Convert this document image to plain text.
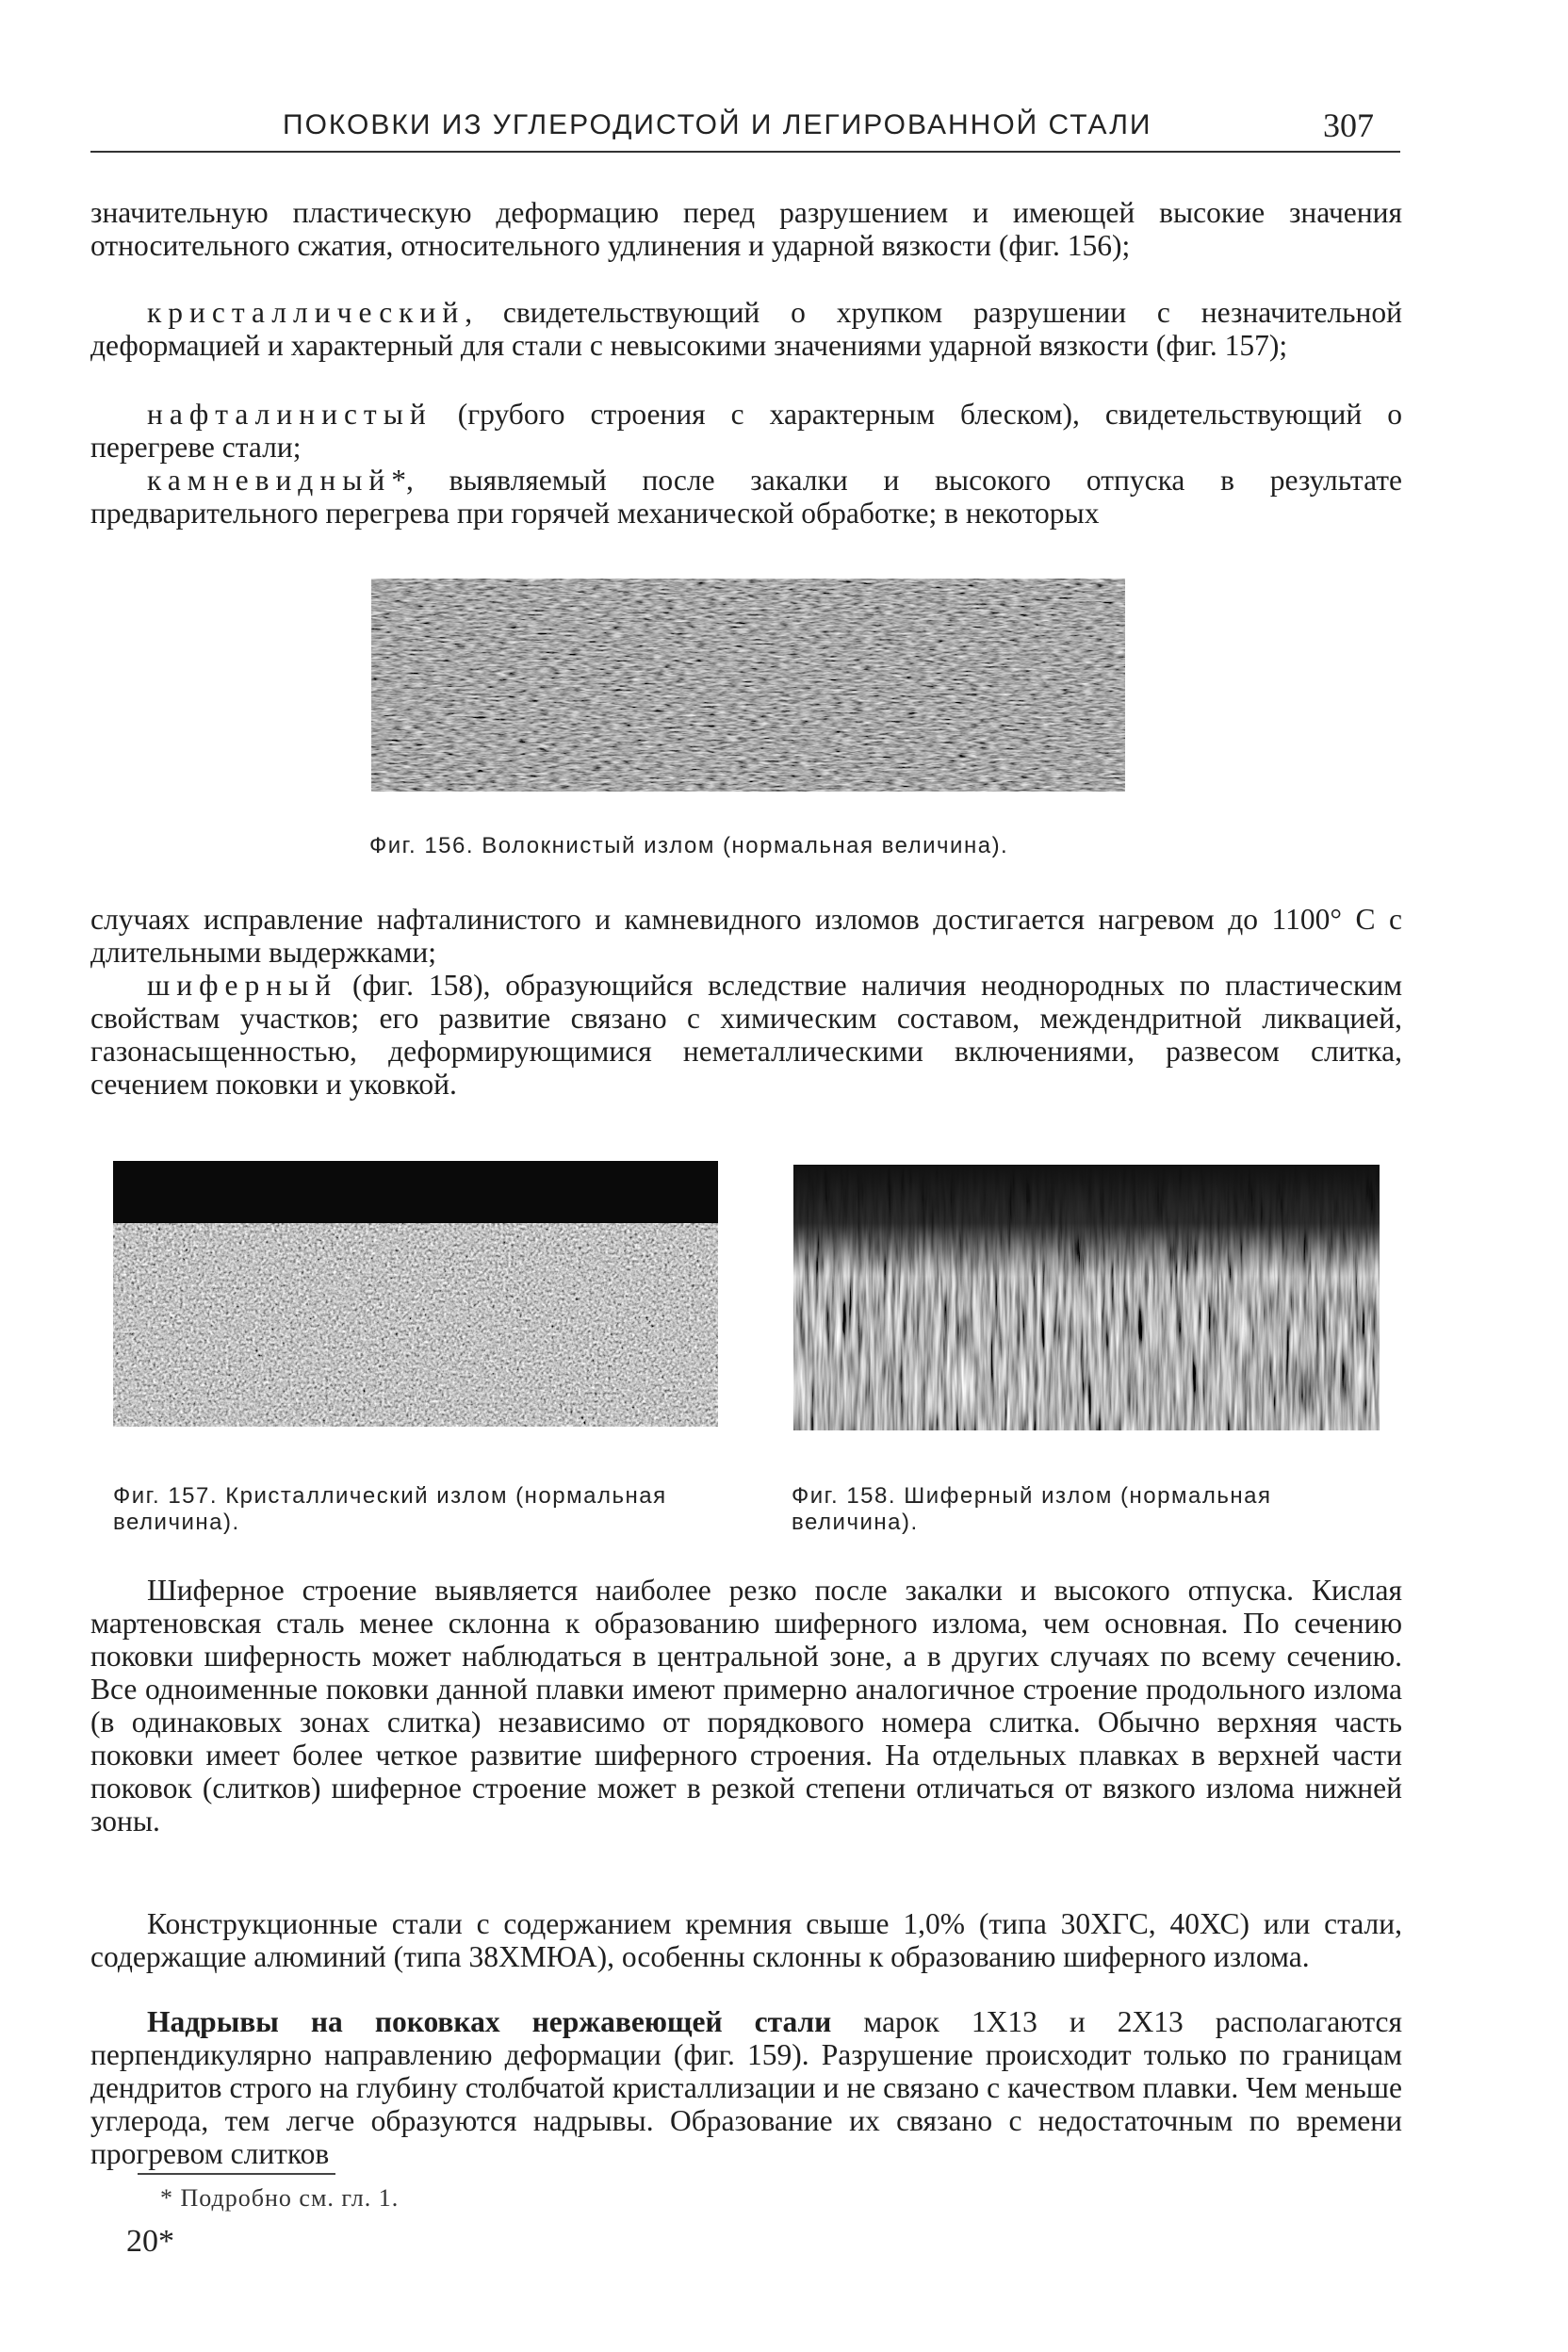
ПОКОВКИ ИЗ УГЛЕРОДИСТОЙ И ЛЕГИРОВАННОЙ СТАЛИ	307

значительную пластическую деформацию перед разрушением и имеющей высокие значения относительного сжатия, относительного удлинения и ударной вязкости (фиг. 156);

кристаллический, свидетельствующий о хрупком разрушении с незначительной деформацией и характерный для стали с невысокими значениями ударной вязкости (фиг. 157);

нафталинистый (грубого строения с характерным блеском), свидетельствующий о перегреве стали;

камневидный*, выявляемый после закалки и высокого отпуска в результате предварительного перегрева при горячей механической обработке; в некоторых

Фиг. 156. Волокнистый излом (нормальная величина).

случаях исправление нафталинистого и камневидного изломов достигается нагревом до 1100° С с длительными выдержками;

шиферный (фиг. 158), образующийся вследствие наличия неоднородных по пластическим свойствам участков; его развитие связано с химическим составом, междендритной ликвацией, газонасыщенностью, деформирующимися неметаллическими включениями, развесом слитка, сечением поковки и уковкой.

Фиг. 157. Кристаллический излом (нормальная величина).
Фиг. 158. Шиферный излом (нормальная величина).

Шиферное строение выявляется наиболее резко после закалки и высокого отпуска. Кислая мартеновская сталь менее склонна к образованию шиферного излома, чем основная. По сечению поковки шиферность может наблюдаться в центральной зоне, а в других случаях по всему сечению. Все одноименные поковки данной плавки имеют примерно аналогичное строение продольного излома (в одинаковых зонах слитка) независимо от порядкового номера слитка. Обычно верхняя часть поковки имеет более четкое развитие шиферного строения. На отдельных плавках в верхней части поковок (слитков) шиферное строение может в резкой степени отличаться от вязкого излома нижней зоны.

Конструкционные стали с содержанием кремния свыше 1,0% (типа 30ХГС, 40ХС) или стали, содержащие алюминий (типа 38ХМЮА), особенны склонны к образованию шиферного излома.

Надрывы на поковках нержавеющей стали марок 1Х13 и 2Х13 располагаются перпендикулярно направлению деформации (фиг. 159). Разрушение происходит только по границам дендритов строго на глубину столбчатой кристаллизации и не связано с качеством плавки. Чем меньше углерода, тем легче образуются надрывы. Образование их связано с недостаточным по времени прогревом слитков

* Подробно см. гл. 1.
20*
